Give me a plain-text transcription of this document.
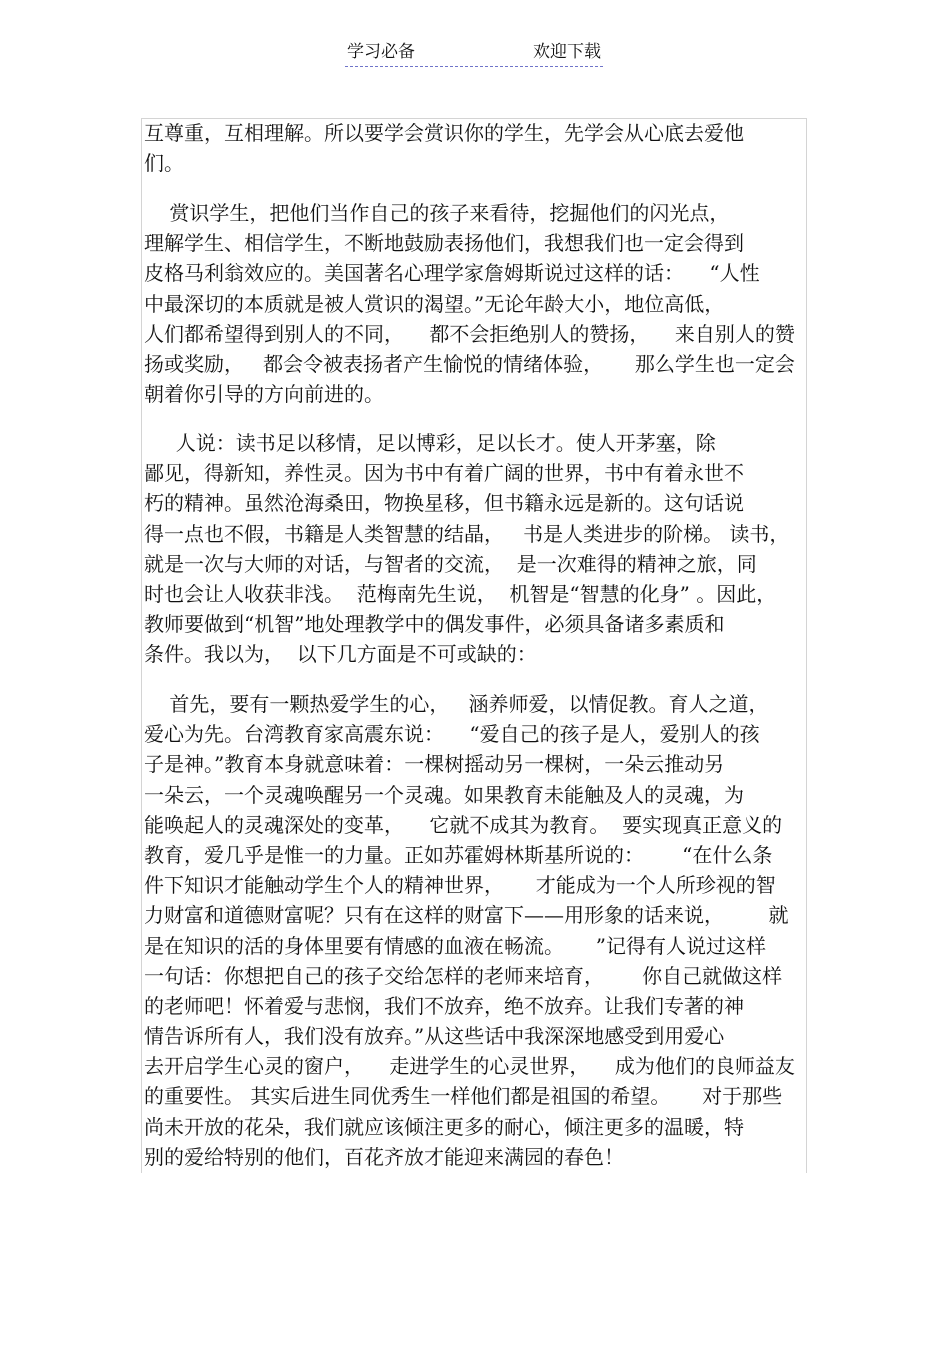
学习必备	欢迎下载
互尊重，互相理解。所以要学会赏识你的学生，先学会从心底去爱他
们。
赏识学生，把他们当作自己的孩子来看待，挖掘他们的闪光点，
理解学生、相信学生，不断地鼓励表扬他们，我想我们也一定会得到
皮格马利翁效应的。美国著名心理学家詹姆斯说过这样的话：    “人性
中最深切的本质就是被人赏识的渴望。”无论年龄大小，地位高低，
人们都希望得到别人的不同，    都不会拒绝别人的赞扬，    来自别人的赞
扬或奖励，   都会令被表扬者产生愉悦的情绪体验，     那么学生也一定会
朝着你引导的方向前进的。
人说：读书足以移情，足以博彩，足以长才。使人开茅塞，除
鄙见，得新知，养性灵。因为书中有着广阔的世界，书中有着永世不
朽的精神。虽然沧海桑田，物换星移，但书籍永远是新的。这句话说
得一点也不假，书籍是人类智慧的结晶，   书是人类进步的阶梯。 读书，
就是一次与大师的对话，与智者的交流，  是一次难得的精神之旅，同
时也会让人收获非浅。  范梅南先生说，  机智是“智慧的化身” 。因此，
教师要做到“机智”地处理教学中的偶发事件，必须具备诸多素质和
条件。我以为，  以下几方面是不可或缺的：
首先，要有一颗热爱学生的心，   涵养师爱，以情促教。育人之道，
爱心为先。台湾教育家高震东说：    “爱自己的孩子是人，爱别人的孩
子是神。”教育本身就意味着：一棵树摇动另一棵树，一朵云推动另
一朵云，一个灵魂唤醒另一个灵魂。如果教育未能触及人的灵魂，为
能唤起人的灵魂深处的变革，    它就不成其为教育。  要实现真正意义的
教育，爱几乎是惟一的力量。正如苏霍姆林斯基所说的：      “在什么条
件下知识才能触动学生个人的精神世界，     才能成为一个人所珍视的智
力财富和道德财富呢？只有在这样的财富下——用形象的话来说，       就
是在知识的活的身体里要有情感的血液在畅流。     ”记得有人说过这样
一句话：你想把自己的孩子交给怎样的老师来培育，      你自己就做这样
的老师吧！怀着爱与悲悯，我们不放弃，绝不放弃。让我们专著的神
情告诉所有人，我们没有放弃。”从这些话中我深深地感受到用爱心
去开启学生心灵的窗户，    走进学生的心灵世界，    成为他们的良师益友
的重要性。 其实后进生同优秀生一样他们都是祖国的希望。     对于那些
尚未开放的花朵，我们就应该倾注更多的耐心，倾注更多的温暖，特
别的爱给特别的他们，百花齐放才能迎来满园的春色！
